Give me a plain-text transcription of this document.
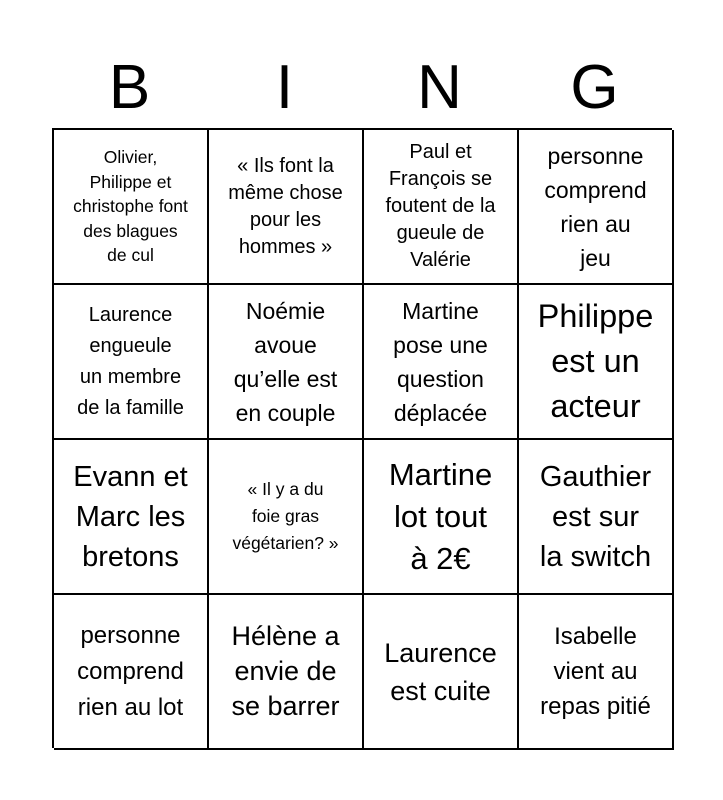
B	I	N	G
Olivier,
Philippe et
christophe font
des blagues
de cul
« Ils font la
même chose
pour les
hommes »
Paul et
François se
foutent de la
gueule de
Valérie
personne
comprend
rien au
jeu
Laurence
engueule
un membre
de la famille
Noémie
avoue
qu’elle est
en couple
Martine
pose une
question
déplacée
Philippe
est un
acteur
Evann et
Marc les
bretons
« Il y a du
foie gras
végétarien? »
Martine
lot tout
à 2€
Gauthier
est sur
la switch
personne
comprend
rien au lot
Hélène a
envie de
se barrer
Laurence
est cuite
Isabelle
vient au
repas pitié
